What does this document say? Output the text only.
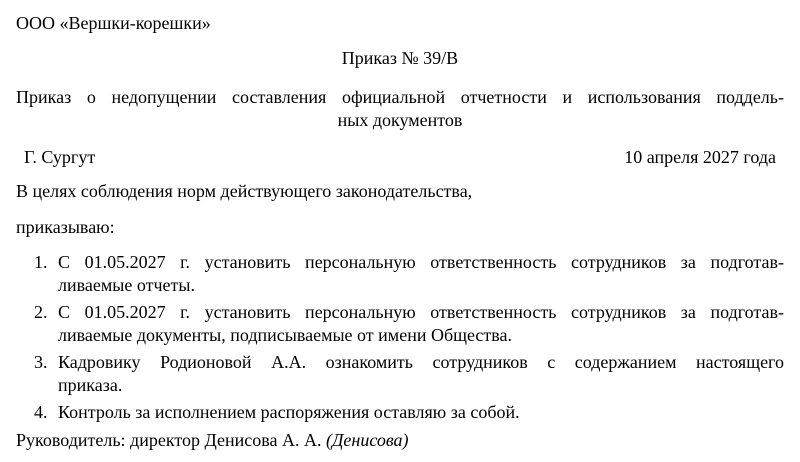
ООО «Вершки-корешки»
Приказ № 39/В
Приказ о недопущении составления официальной отчетности и использования поддель-
ных документов
Г. Сургут	10 апреля 2027 года
В целях соблюдения норм действующего законодательства,
приказываю:
1. С 01.05.2027 г. установить персональную ответственность сотрудников за подготав-
ливаемые отчеты.
2. С 01.05.2027 г. установить персональную ответственность сотрудников за подготав-
ливаемые документы, подписываемые от имени Общества.
3. Кадровику Родионовой А.А. ознакомить сотрудников с содержанием настоящего
приказа.
4. Контроль за исполнением распоряжения оставляю за собой.
Руководитель: директор Денисова А. А. (Денисова)
